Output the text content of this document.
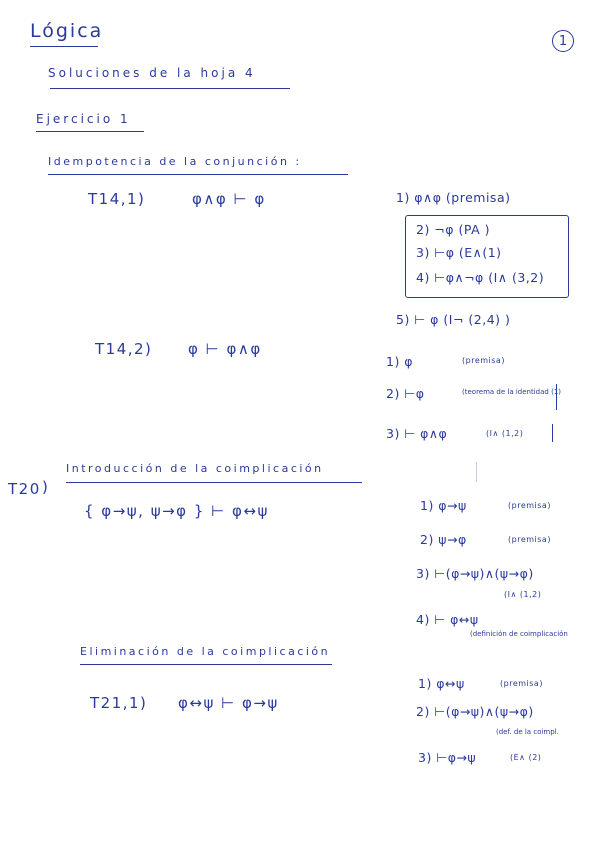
Lógica	1
Soluciones de la hoja 4
Ejercicio 1
Idempotencia de la conjunción :
T14,1)	φ∧φ ⊢ φ	1) φ∧φ (premisa)
2) ¬φ (PA )
3) ⊢φ (E∧(1)
4) ⊢φ∧¬φ (I∧ (3,2)
5) ⊢ φ (I¬ (2,4) )
T14,2) φ ⊢ φ∧φ
1) φ	(premisa)
2) ⊢φ	(teorema de la identidad (1)
3) ⊢ φ∧φ	(I∧ (1,2)
T20 )
Introducción de la coimplicación
{ φ→ψ, ψ→φ } ⊢ φ↔ψ	1) φ→ψ	(premisa)
2) ψ→φ	(premisa)
3) ⊢(φ→ψ)∧(ψ→φ)
(I∧ (1,2)
4) ⊢ φ↔ψ
(definición de coimplicación
Eliminación de la coimplicación
T21,1) φ↔ψ ⊢ φ→ψ
1) φ↔ψ	(premisa)
2) ⊢(φ→ψ)∧(ψ→φ)
(def. de la coimpl.
3) ⊢φ→ψ	(E∧ (2)
